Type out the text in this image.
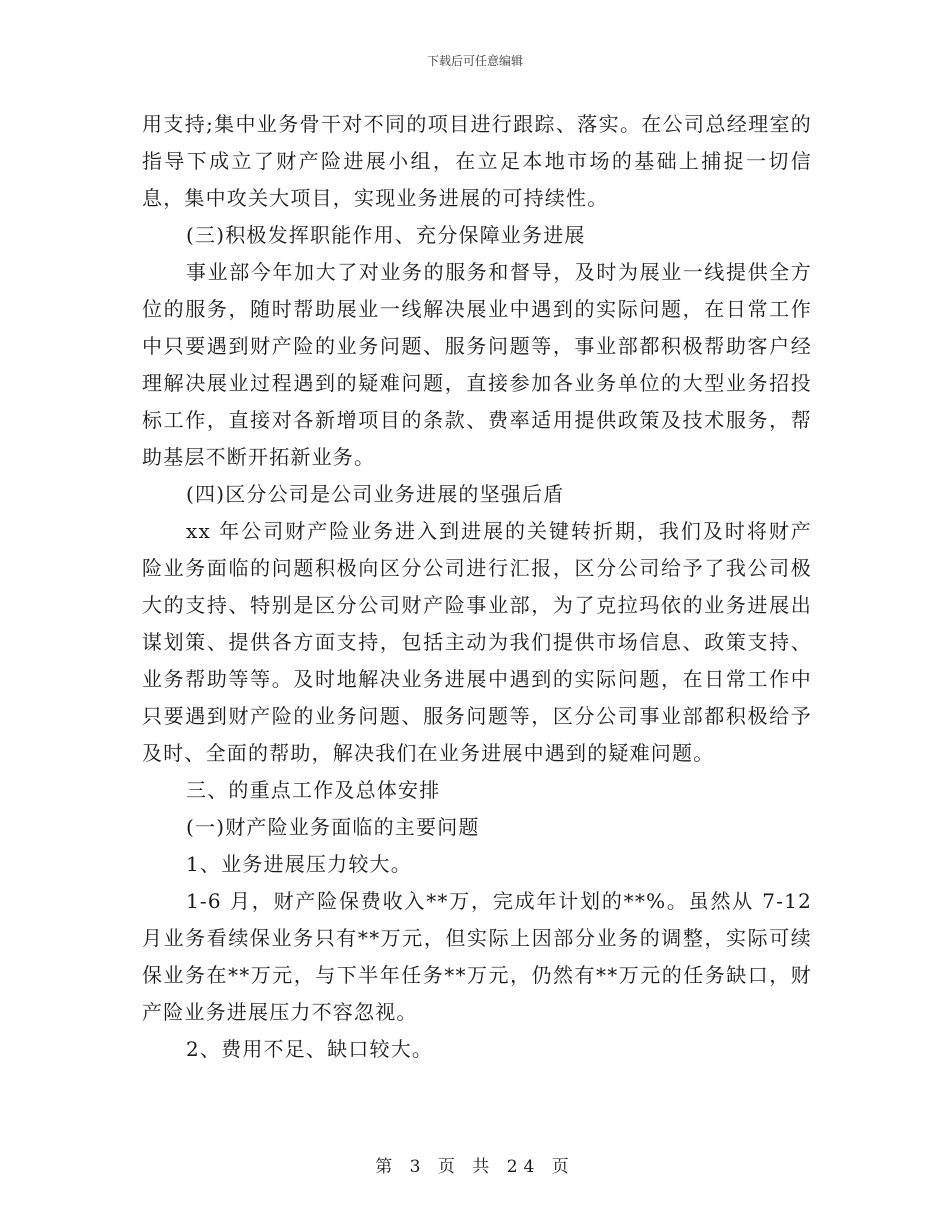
下载后可任意编辑

用支持;集中业务骨干对不同的项目进行跟踪、落实。在公司总经理室的指导下成立了财产险进展小组，在立足本地市场的基础上捕捉一切信息，集中攻关大项目，实现业务进展的可持续性。

(三)积极发挥职能作用、充分保障业务进展

事业部今年加大了对业务的服务和督导，及时为展业一线提供全方位的服务，随时帮助展业一线解决展业中遇到的实际问题，在日常工作中只要遇到财产险的业务问题、服务问题等，事业部都积极帮助客户经理解决展业过程遇到的疑难问题，直接参加各业务单位的大型业务招投标工作，直接对各新增项目的条款、费率适用提供政策及技术服务，帮助基层不断开拓新业务。

(四)区分公司是公司业务进展的坚强后盾

xx 年公司财产险业务进入到进展的关键转折期，我们及时将财产险业务面临的问题积极向区分公司进行汇报，区分公司给予了我公司极大的支持、特别是区分公司财产险事业部，为了克拉玛依的业务进展出谋划策、提供各方面支持，包括主动为我们提供市场信息、政策支持、业务帮助等等。及时地解决业务进展中遇到的实际问题，在日常工作中只要遇到财产险的业务问题、服务问题等，区分公司事业部都积极给予及时、全面的帮助，解决我们在业务进展中遇到的疑难问题。

三、的重点工作及总体安排

(一)财产险业务面临的主要问题

1、业务进展压力较大。

1-6 月，财产险保费收入**万，完成年计划的**%。虽然从 7-12 月业务看续保业务只有**万元，但实际上因部分业务的调整，实际可续保业务在**万元，与下半年任务**万元，仍然有**万元的任务缺口，财产险业务进展压力不容忽视。

2、费用不足、缺口较大。

第 3 页 共 24 页
